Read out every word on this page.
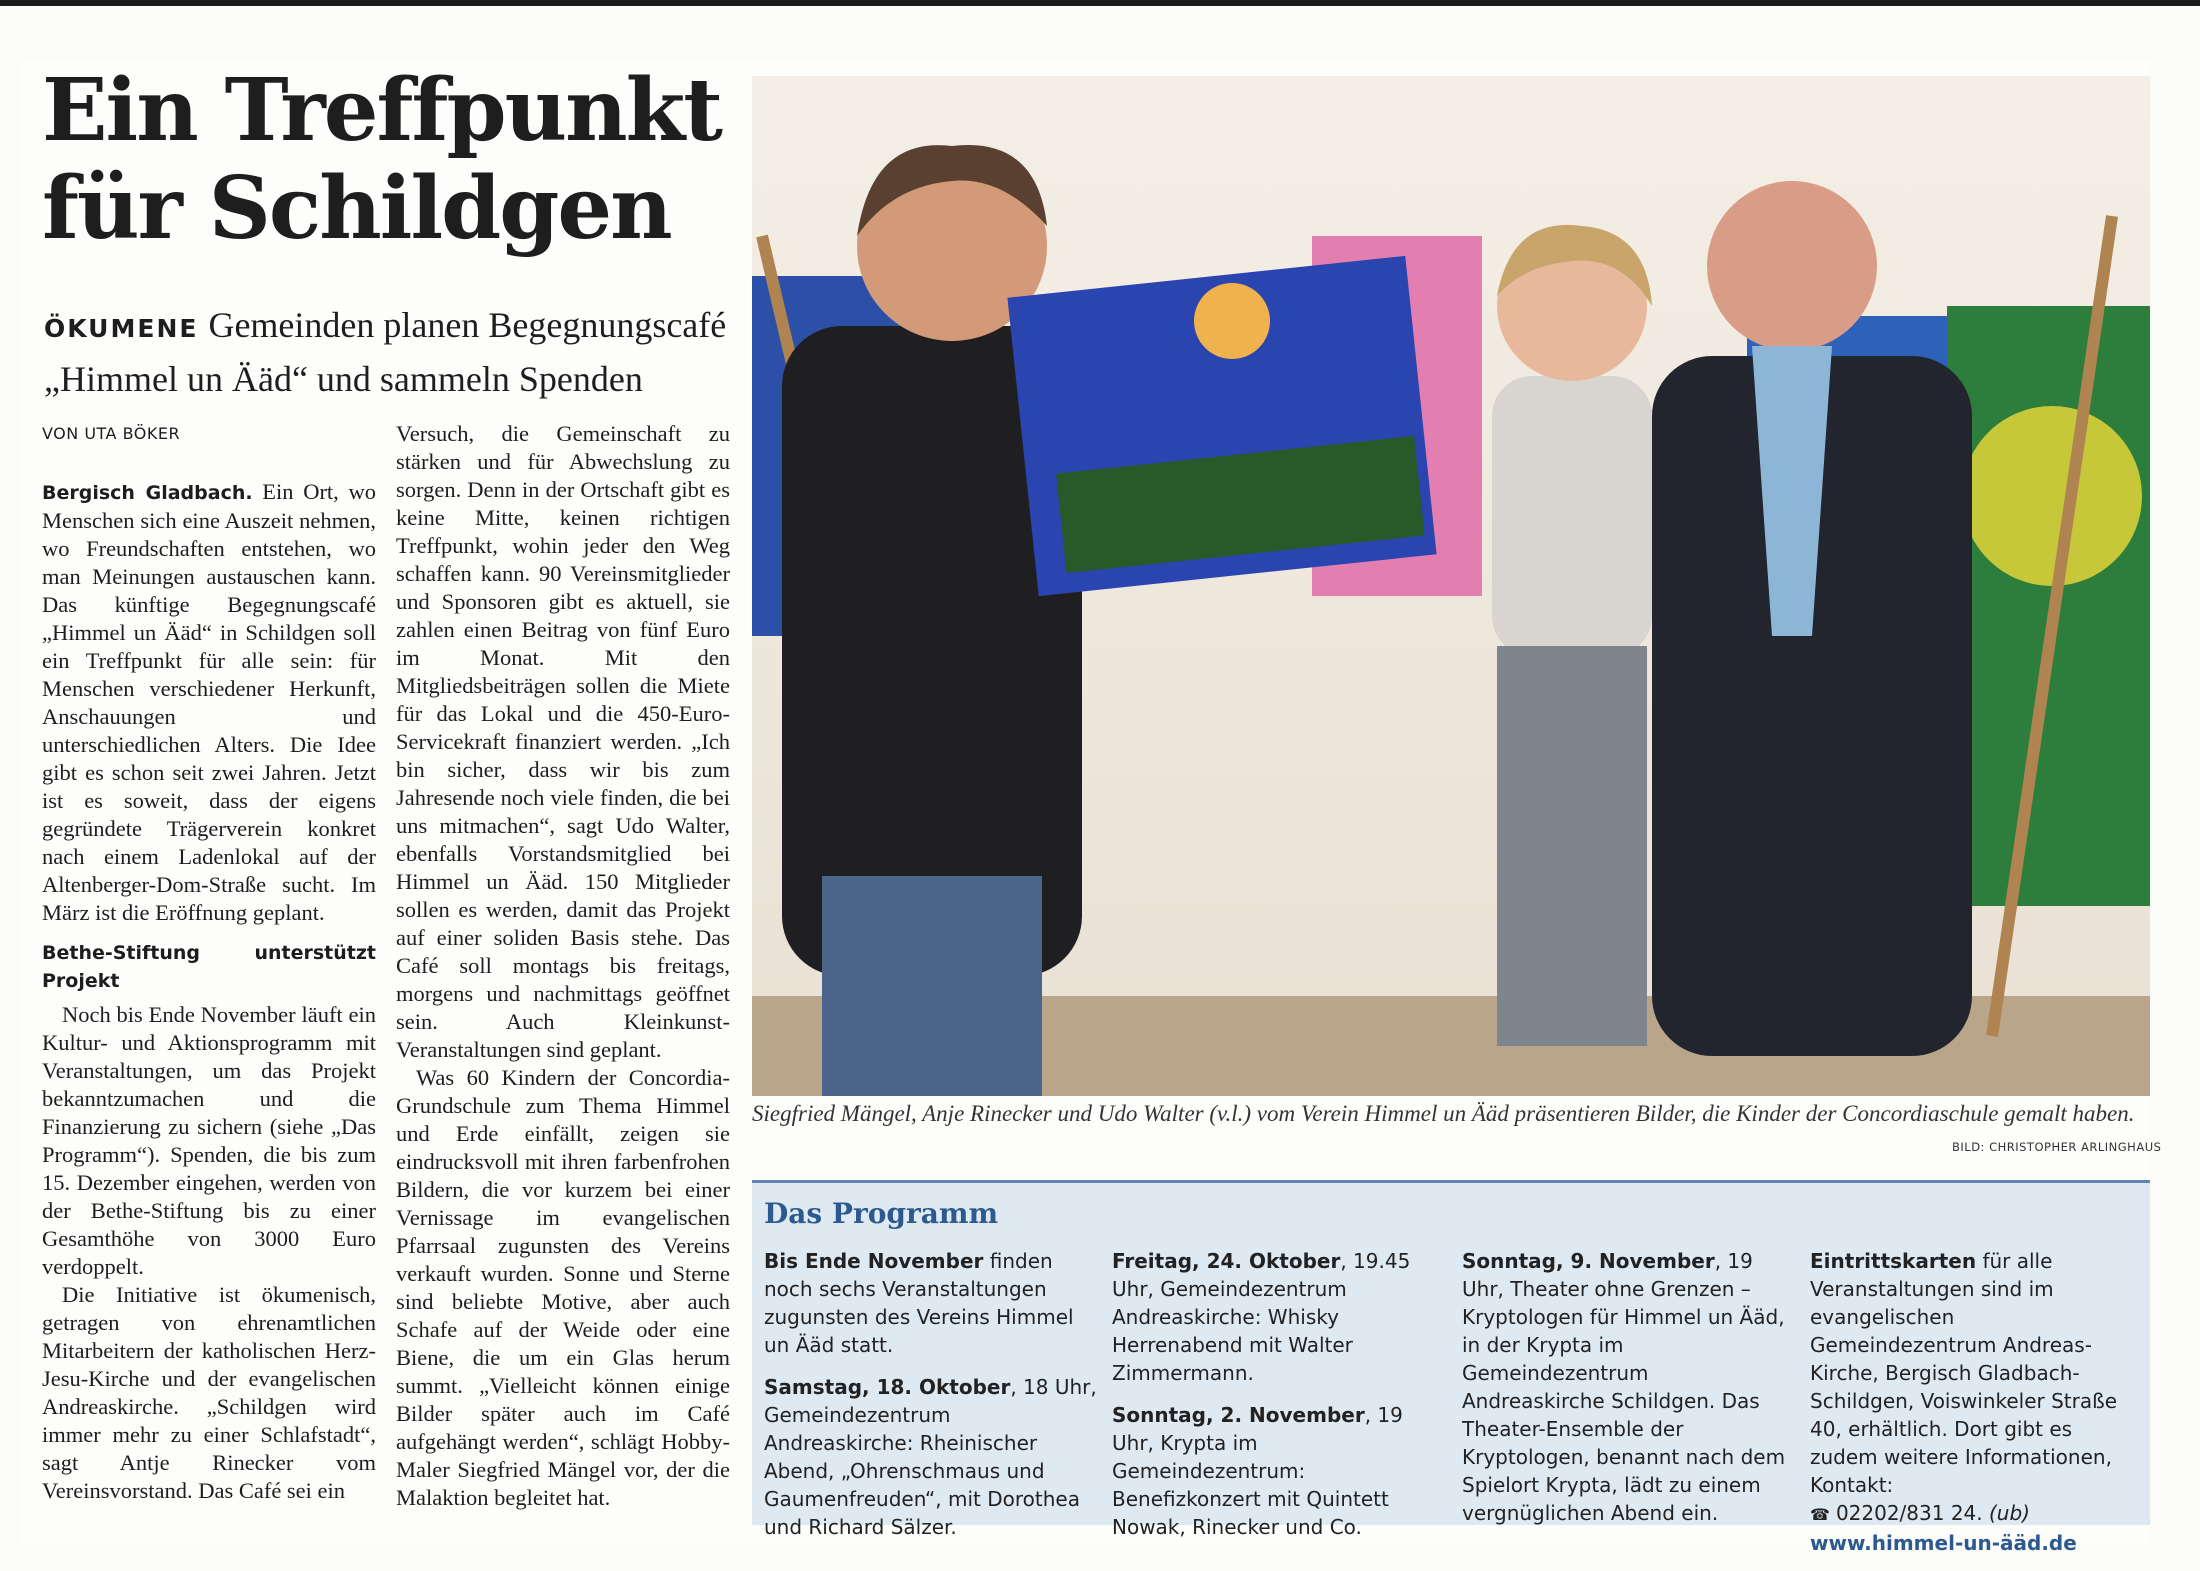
Ein Treffpunkt
für Schildgen
ÖKUMENE Gemeinden planen Begegnungscafé „Himmel un Ääd“ und sammeln Spenden

VON UTA BÖKER

Bergisch Gladbach. Ein Ort, wo Menschen sich eine Auszeit nehmen, wo Freundschaften entstehen, wo man Meinungen austauschen kann. Das künftige Begegnungscafé „Himmel un Ääd“ in Schildgen soll ein Treffpunkt für alle sein: für Menschen verschiedener Herkunft, Anschauungen und unterschiedlichen Alters. Die Idee gibt es schon seit zwei Jahren. Jetzt ist es soweit, dass der eigens gegründete Trägerverein konkret nach einem Ladenlokal auf der Altenberger-Dom-Straße sucht. Im März ist die Eröffnung geplant.

Bethe-Stiftung unterstützt Projekt

Noch bis Ende November läuft ein Kultur- und Aktionsprogramm mit Veranstaltungen, um das Projekt bekanntzumachen und die Finanzierung zu sichern (siehe „Das Programm“). Spenden, die bis zum 15. Dezember eingehen, werden von der Bethe-Stiftung bis zu einer Gesamthöhe von 3000 Euro verdoppelt.

Die Initiative ist ökumenisch, getragen von ehrenamtlichen Mitarbeitern der katholischen Herz-Jesu-Kirche und der evangelischen Andreaskirche. „Schildgen wird immer mehr zu einer Schlafstadt“, sagt Antje Rinecker vom Vereinsvorstand. Das Café sei ein

Versuch, die Gemeinschaft zu stärken und für Abwechslung zu sorgen. Denn in der Ortschaft gibt es keine Mitte, keinen richtigen Treffpunkt, wohin jeder den Weg schaffen kann. 90 Vereinsmitglieder und Sponsoren gibt es aktuell, sie zahlen einen Beitrag von fünf Euro im Monat. Mit den Mitgliedsbeiträgen sollen die Miete für das Lokal und die 450-Euro-Servicekraft finanziert werden. „Ich bin sicher, dass wir bis zum Jahresende noch viele finden, die bei uns mitmachen“, sagt Udo Walter, ebenfalls Vorstandsmitglied bei Himmel un Ääd. 150 Mitglieder sollen es werden, damit das Projekt auf einer soliden Basis stehe. Das Café soll montags bis freitags, morgens und nachmittags geöffnet sein. Auch Kleinkunst-Veranstaltungen sind geplant.

Was 60 Kindern der Concordia-Grundschule zum Thema Himmel und Erde einfällt, zeigen sie eindrucksvoll mit ihren farbenfrohen Bildern, die vor kurzem bei einer Vernissage im evangelischen Pfarrsaal zugunsten des Vereins verkauft wurden. Sonne und Sterne sind beliebte Motive, aber auch Schafe auf der Weide oder eine Biene, die um ein Glas herum summt. „Vielleicht können einige Bilder später auch im Café aufgehängt werden“, schlägt Hobby-Maler Siegfried Mängel vor, der die Malaktion begleitet hat.

Siegfried Mängel, Anje Rinecker und Udo Walter (v.l.) vom Verein Himmel un Ääd präsentieren Bilder, die Kinder der Concordiaschule gemalt haben.
BILD: CHRISTOPHER ARLINGHAUS
Das Programm

Bis Ende November finden noch sechs Veranstaltungen zugunsten des Vereins Himmel un Ääd statt.

Samstag, 18. Oktober, 18 Uhr, Gemeindezentrum Andreaskirche: Rheinischer Abend, „Ohrenschmaus und Gaumenfreuden“, mit Dorothea und Richard Sälzer.

Freitag, 24. Oktober, 19.45 Uhr, Gemeindezentrum Andreaskirche: Whisky Herrenabend mit Walter Zimmermann.

Sonntag, 2. November, 19 Uhr, Krypta im Gemeindezentrum: Benefizkonzert mit Quintett Nowak, Rinecker und Co.

Sonntag, 9. November, 19 Uhr, Theater ohne Grenzen – Kryptologen für Himmel un Ääd, in der Krypta im Gemeindezentrum Andreaskirche Schildgen. Das Theater-Ensemble der Kryptologen, benannt nach dem Spielort Krypta, lädt zu einem vergnüglichen Abend ein.

Eintrittskarten für alle Veranstaltungen sind im evangelischen Gemeindezentrum Andreas-Kirche, Bergisch Gladbach-Schildgen, Voiswinkeler Straße 40, erhältlich. Dort gibt es zudem weitere Informationen, Kontakt:
☎ 02202/831 24. (ub)
www.himmel-un-ääd.de
